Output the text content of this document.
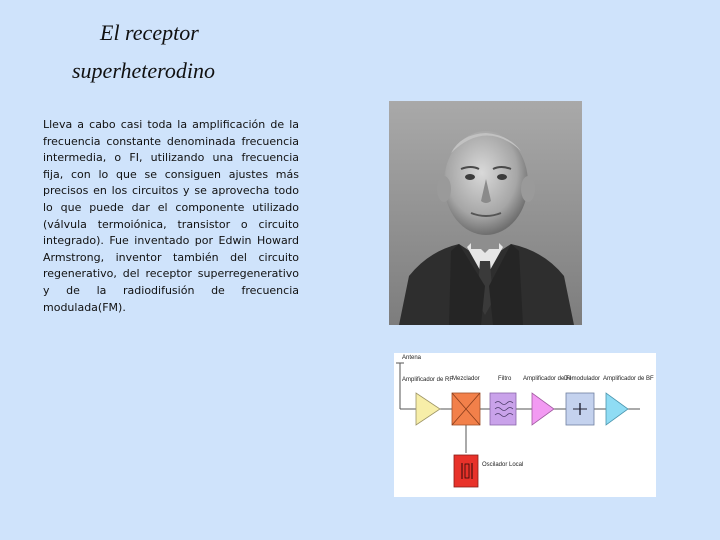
El receptor
superheterodino
Lleva a cabo casi toda la amplificación de la frecuencia constante denominada frecuencia intermedia, o FI, utilizando una frecuencia fija, con lo que se consiguen ajustes más precisos en los circuitos y se aprovecha todo lo que puede dar el componente utilizado (válvula termoiónica, transistor o circuito integrado). Fue inventado por Edwin Howard Armstrong, inventor también del circuito regenerativo, del receptor superregenerativo y de la radiodifusión de frecuencia modulada(FM).
Antena
Amplificador de RF
Mezclador	Filtro Amplificador de FI
Demodulador Amplificador de BF
Oscilador Local
